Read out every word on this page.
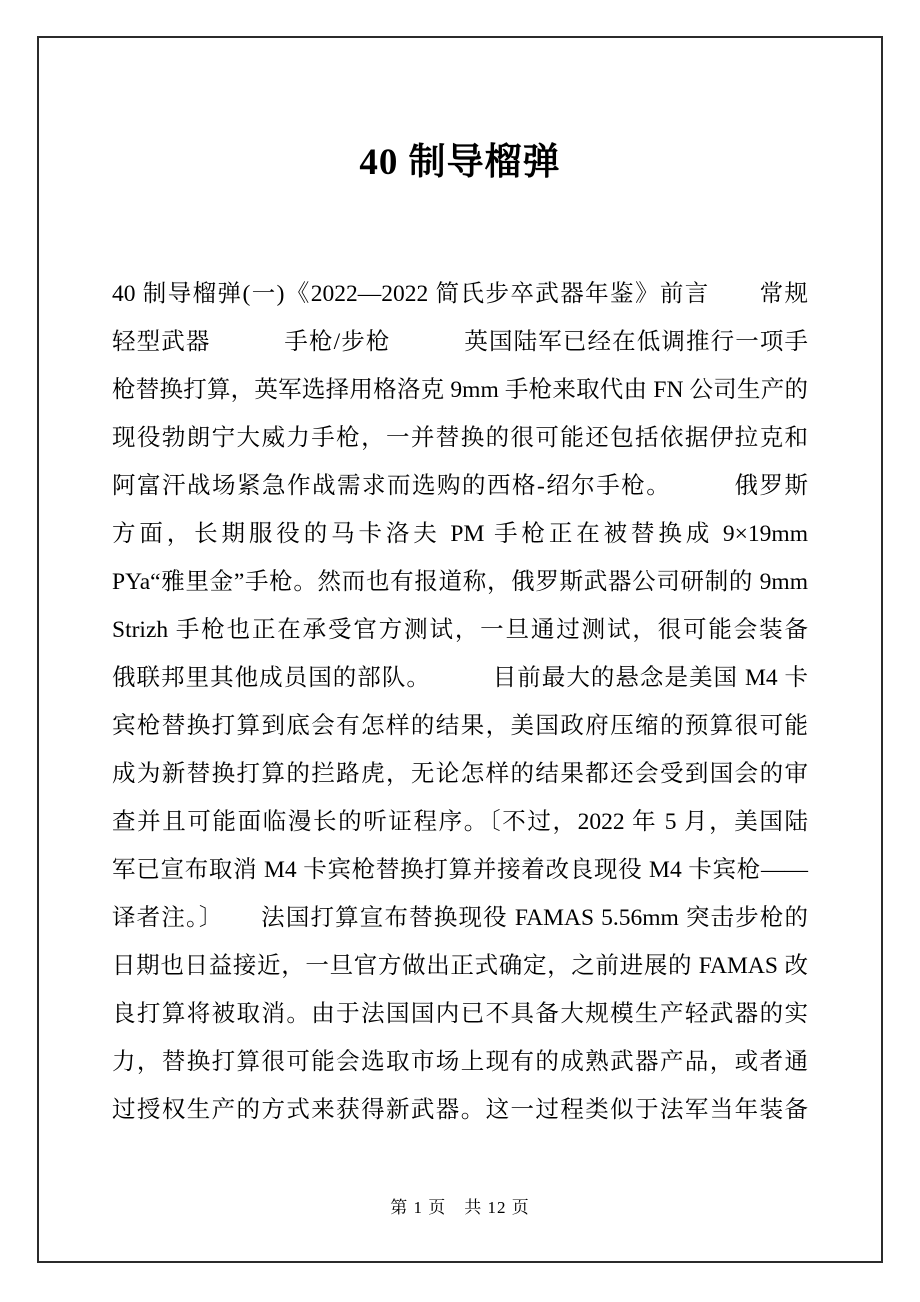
40 制导榴弹
40 制导榴弹(一)《2022—2022 简氏步卒武器年鉴》前言　　常规
轻型武器　　　手枪/步枪　　　英国陆军已经在低调推行一项手
枪替换打算，英军选择用格洛克 9mm 手枪来取代由 FN 公司生产的
现役勃朗宁大威力手枪，一并替换的很可能还包括依据伊拉克和
阿富汗战场紧急作战需求而选购的西格-绍尔手枪。　　　俄罗斯
方面，长期服役的马卡洛夫 PM 手枪正在被替换成 9×19mm
PYa“雅里金”手枪。然而也有报道称，俄罗斯武器公司研制的 9mm
Strizh 手枪也正在承受官方测试，一旦通过测试，很可能会装备
俄联邦里其他成员国的部队。　　　目前最大的悬念是美国 M4 卡
宾枪替换打算到底会有怎样的结果，美国政府压缩的预算很可能
成为新替换打算的拦路虎，无论怎样的结果都还会受到国会的审
查并且可能面临漫长的听证程序。〔不过，2022 年 5 月，美国陆
军已宣布取消 M4 卡宾枪替换打算并接着改良现役 M4 卡宾枪——
译者注。〕　　法国打算宣布替换现役 FAMAS 5.56mm 突击步枪的
日期也日益接近，一旦官方做出正式确定，之前进展的 FAMAS 改
良打算将被取消。由于法国国内已不具备大规模生产轻武器的实
力，替换打算很可能会选取市场上现有的成熟武器产品，或者通
过授权生产的方式来获得新武器。这一过程类似于法军当年装备
第 1 页　共 12 页
